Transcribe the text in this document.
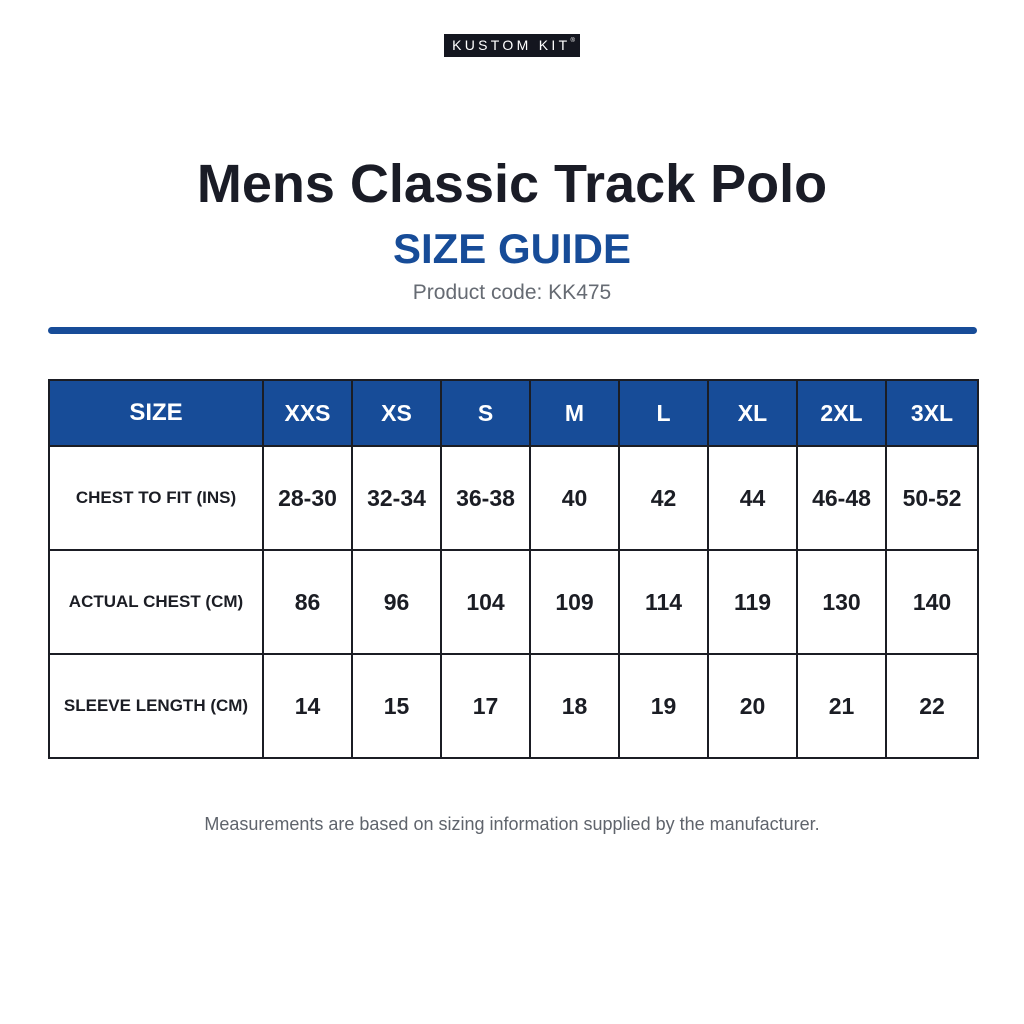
KUSTOM KIT®
Mens Classic Track Polo
SIZE GUIDE
Product code: KK475
SIZE	XXS	XS	S	M	L	XL	2XL	3XL
CHEST TO FIT (INS)	28-30	32-34	36-38	40	42	44	46-48	50-52
ACTUAL CHEST (CM)	86	96	104	109	114	119	130	140
SLEEVE LENGTH (CM)	14	15	17	18	19	20	21	22
Measurements are based on sizing information supplied by the manufacturer.
